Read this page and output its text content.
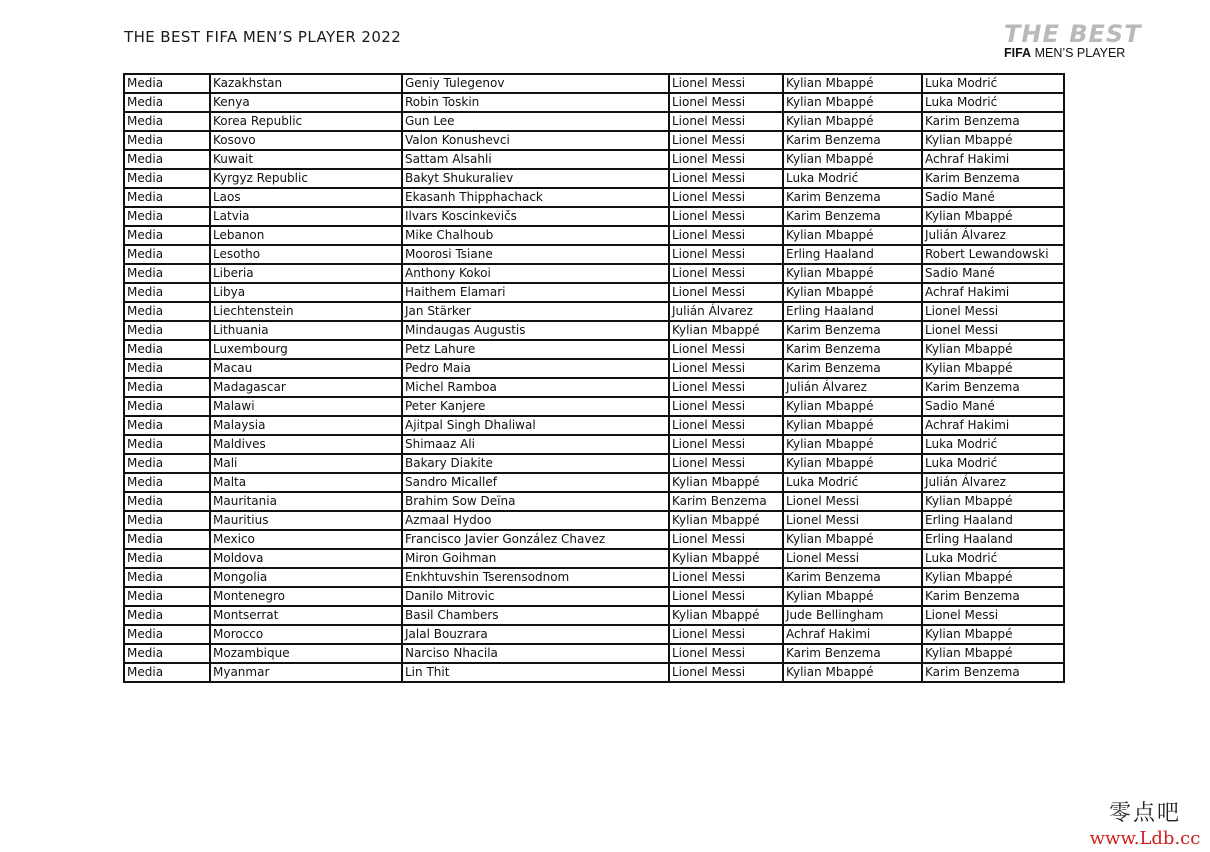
THE BEST FIFA MEN’S PLAYER 2022	THE BEST
FIFA MEN’S PLAYER
Media	Kazakhstan	Geniy Tulegenov	Lionel Messi	Kylian Mbappé	Luka Modrić
Media	Kenya	Robin Toskin	Lionel Messi	Kylian Mbappé	Luka Modrić
Media	Korea Republic	Gun Lee	Lionel Messi	Kylian Mbappé	Karim Benzema
Media	Kosovo	Valon Konushevci	Lionel Messi	Karim Benzema	Kylian Mbappé
Media	Kuwait	Sattam Alsahli	Lionel Messi	Kylian Mbappé	Achraf Hakimi
Media	Kyrgyz Republic	Bakyt Shukuraliev	Lionel Messi	Luka Modrić	Karim Benzema
Media	Laos	Ekasanh Thipphachack	Lionel Messi	Karim Benzema	Sadio Mané
Media	Latvia	Ilvars Koscinkevičs	Lionel Messi	Karim Benzema	Kylian Mbappé
Media	Lebanon	Mike Chalhoub	Lionel Messi	Kylian Mbappé	Julián Álvarez
Media	Lesotho	Moorosi Tsiane	Lionel Messi	Erling Haaland	Robert Lewandowski
Media	Liberia	Anthony Kokoi	Lionel Messi	Kylian Mbappé	Sadio Mané
Media	Libya	Haithem Elamari	Lionel Messi	Kylian Mbappé	Achraf Hakimi
Media	Liechtenstein	Jan Stärker	Julián Álvarez	Erling Haaland	Lionel Messi
Media	Lithuania	Mindaugas Augustis	Kylian Mbappé	Karim Benzema	Lionel Messi
Media	Luxembourg	Petz Lahure	Lionel Messi	Karim Benzema	Kylian Mbappé
Media	Macau	Pedro Maia	Lionel Messi	Karim Benzema	Kylian Mbappé
Media	Madagascar	Michel Ramboa	Lionel Messi	Julián Álvarez	Karim Benzema
Media	Malawi	Peter Kanjere	Lionel Messi	Kylian Mbappé	Sadio Mané
Media	Malaysia	Ajitpal Singh Dhaliwal	Lionel Messi	Kylian Mbappé	Achraf Hakimi
Media	Maldives	Shimaaz Ali	Lionel Messi	Kylian Mbappé	Luka Modrić
Media	Mali	Bakary Diakite	Lionel Messi	Kylian Mbappé	Luka Modrić
Media	Malta	Sandro Micallef	Kylian Mbappé	Luka Modrić	Julián Álvarez
Media	Mauritania	Brahim Sow Deïna	Karim Benzema	Lionel Messi	Kylian Mbappé
Media	Mauritius	Azmaal Hydoo	Kylian Mbappé	Lionel Messi	Erling Haaland
Media	Mexico	Francisco Javier González Chavez	Lionel Messi	Kylian Mbappé	Erling Haaland
Media	Moldova	Miron Goihman	Kylian Mbappé	Lionel Messi	Luka Modrić
Media	Mongolia	Enkhtuvshin Tserensodnom	Lionel Messi	Karim Benzema	Kylian Mbappé
Media	Montenegro	Danilo Mitrovic	Lionel Messi	Kylian Mbappé	Karim Benzema
Media	Montserrat	Basil Chambers	Kylian Mbappé	Jude Bellingham	Lionel Messi
Media	Morocco	Jalal Bouzrara	Lionel Messi	Achraf Hakimi	Kylian Mbappé
Media	Mozambique	Narciso Nhacila	Lionel Messi	Karim Benzema	Kylian Mbappé
Media	Myanmar	Lin Thit	Lionel Messi	Kylian Mbappé	Karim Benzema
零点吧
www.Ldb.cc
